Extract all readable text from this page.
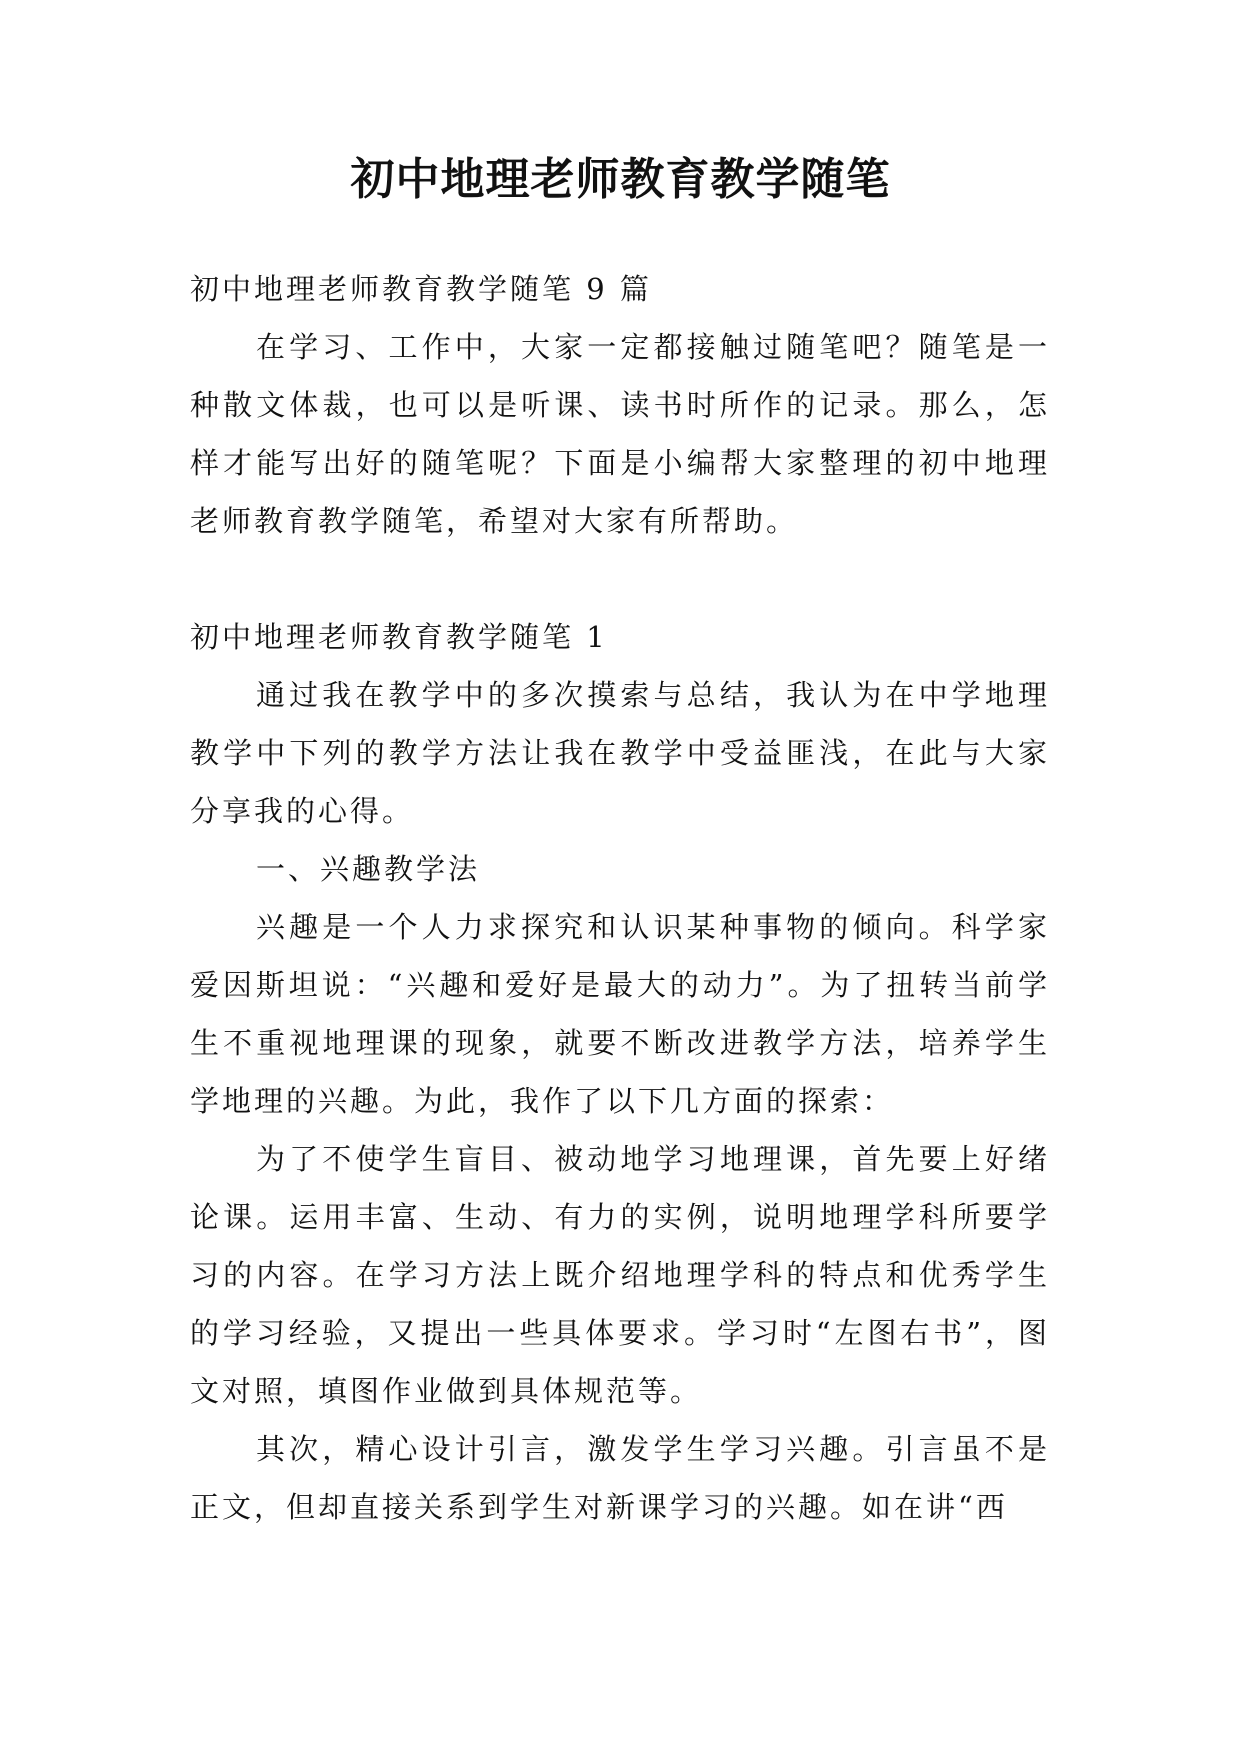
初中地理老师教育教学随笔

初中地理老师教育教学随笔 9 篇

在学习、工作中，大家一定都接触过随笔吧？随笔是一种散文体裁，也可以是听课、读书时所作的记录。那么，怎样才能写出好的随笔呢？下面是小编帮大家整理的初中地理老师教育教学随笔，希望对大家有所帮助。

初中地理老师教育教学随笔 1

通过我在教学中的多次摸索与总结，我认为在中学地理教学中下列的教学方法让我在教学中受益匪浅，在此与大家分享我的心得。

一、兴趣教学法

兴趣是一个人力求探究和认识某种事物的倾向。科学家爱因斯坦说：“兴趣和爱好是最大的动力”。为了扭转当前学生不重视地理课的现象，就要不断改进教学方法，培养学生学地理的兴趣。为此，我作了以下几方面的探索：

为了不使学生盲目、被动地学习地理课，首先要上好绪论课。运用丰富、生动、有力的实例，说明地理学科所要学习的内容。在学习方法上既介绍地理学科的特点和优秀学生的学习经验，又提出一些具体要求。学习时“左图右书”，图文对照，填图作业做到具体规范等。

其次，精心设计引言，激发学生学习兴趣。引言虽不是正文，但却直接关系到学生对新课学习的兴趣。如在讲“西
